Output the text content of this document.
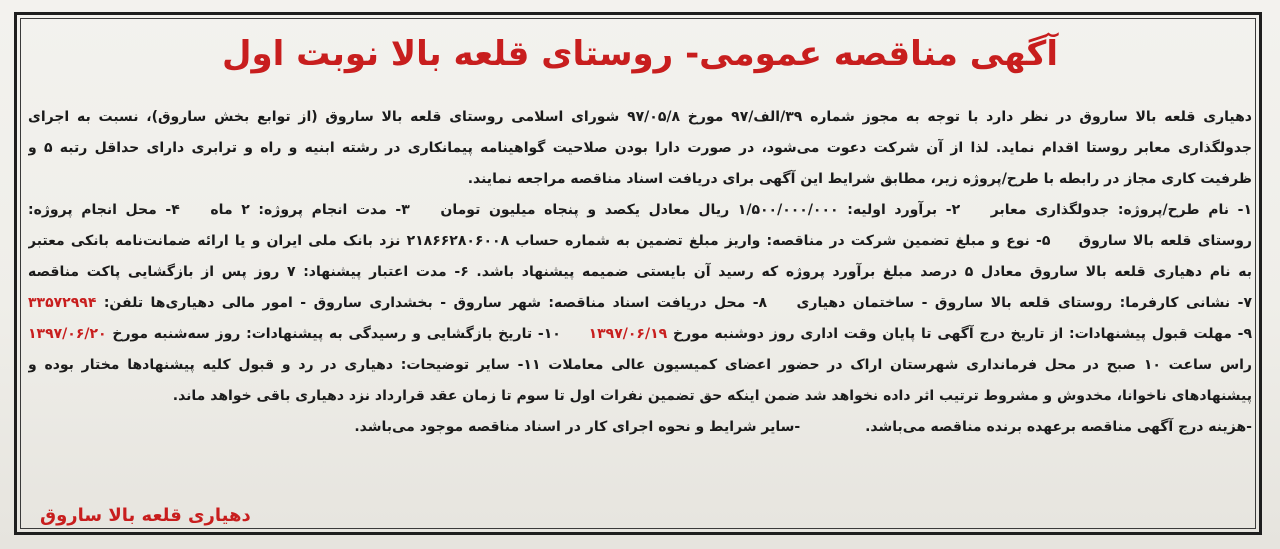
آگهی مناقصه عمومی- روستای قلعه بالا نوبت اول
دهیاری قلعه بالا ساروق در نظر دارد با توجه به مجوز شماره ۳۹/الف/۹۷ مورخ ۹۷/۰۵/۸ شورای اسلامی روستای قلعه بالا ساروق (از توابع بخش ساروق)، نسبت به اجرای
جدولگذاری معابر روستا اقدام نماید. لذا از آن شرکت دعوت می‌شود، در صورت دارا بودن صلاحیت گواهینامه پیمانکاری در رشته ابنیه و راه و ترابری دارای حداقل رتبه ۵ و
ظرفیت کاری مجاز در رابطه با طرح/پروژه زیر، مطابق شرایط این آگهی برای دریافت اسناد مناقصه مراجعه نمایند.
۱- نام طرح/پروژه: جدولگذاری معابر ۲- برآورد اولیه: ۱/۵۰۰/۰۰۰/۰۰۰ ریال معادل یکصد و پنجاه میلیون تومان ۳- مدت انجام پروژه: ۲ ماه ۴- محل انجام پروژه:
روستای قلعه بالا ساروق ۵- نوع و مبلغ تضمین شرکت در مناقصه: واریز مبلغ تضمین به شماره حساب ۲۱۸۶۶۲۸۰۶۰۰۸ نزد بانک ملی ایران و یا ارائه ضمانت‌نامه بانکی معتبر
به نام دهیاری قلعه بالا ساروق معادل ۵ درصد مبلغ برآورد پروژه که رسید آن بایستی ضمیمه پیشنهاد باشد. ۶- مدت اعتبار پیشنهاد: ۷ روز پس از بازگشایی پاکت مناقصه
۷- نشانی کارفرما: روستای قلعه بالا ساروق - ساختمان دهیاری ۸- محل دریافت اسناد مناقصه: شهر ساروق - بخشداری ساروق - امور مالی دهیاری‌ها تلفن: ۳۳۵۷۲۹۹۴
۹- مهلت قبول پیشنهادات: از تاریخ درج آگهی تا پایان وقت اداری روز دوشنبه مورخ ۱۳۹۷/۰۶/۱۹ ۱۰- تاریخ بازگشایی و رسیدگی به پیشنهادات: روز سه‌شنبه مورخ ۱۳۹۷/۰۶/۲۰
راس ساعت ۱۰ صبح در محل فرمانداری شهرستان اراک در حضور اعضای کمیسیون عالی معاملات ۱۱- سایر توضیحات: دهیاری در رد و قبول کلیه پیشنهادها مختار بوده و
پیشنهادهای ناخوانا، مخدوش و مشروط ترتیب اثر داده نخواهد شد ضمن اینکه حق تضمین نفرات اول تا سوم تا زمان عقد قرارداد نزد دهیاری باقی خواهد ماند.
-هزینه درج آگهی مناقصه برعهده برنده مناقصه می‌باشد. -سایر شرایط و نحوه اجرای کار در اسناد مناقصه موجود می‌باشد.
دهیاری قلعه بالا ساروق
